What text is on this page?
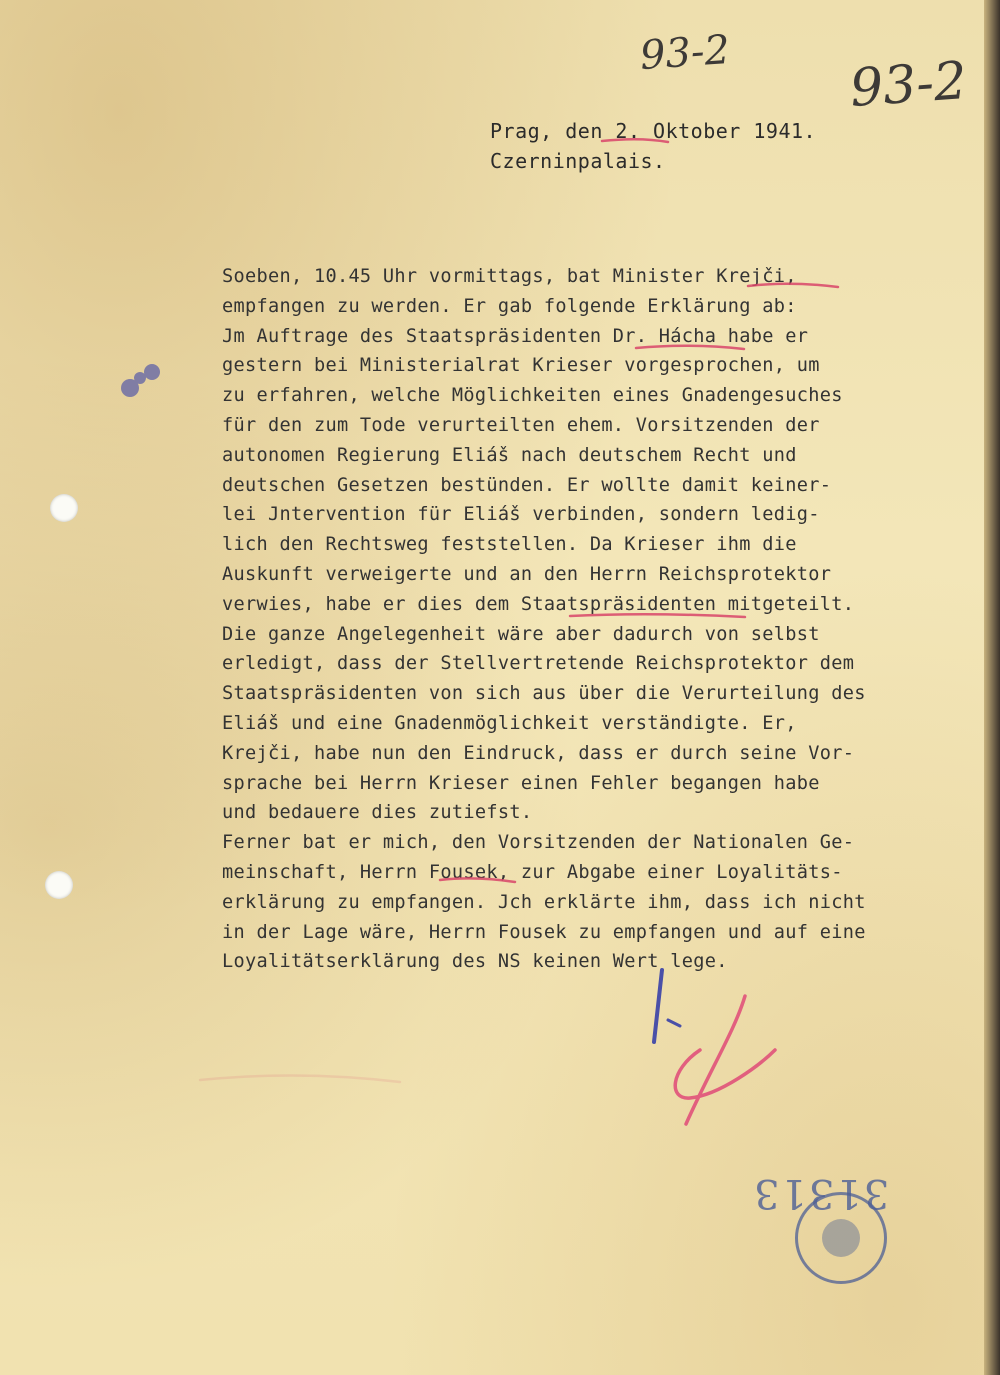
93-2 93-2
Prag, den 2. Oktober 1941.
Czerninpalais.
Soeben, 10.45 Uhr vormittags, bat Minister Krejči,
empfangen zu werden. Er gab folgende Erklärung ab:
Jm Auftrage des Staatspräsidenten Dr. Hácha habe er
gestern bei Ministerialrat Krieser vorgesprochen, um
zu erfahren, welche Möglichkeiten eines Gnadengesuches
für den zum Tode verurteilten ehem. Vorsitzenden der
autonomen Regierung Eliáš nach deutschem Recht und
deutschen Gesetzen bestünden. Er wollte damit keiner-
lei Jntervention für Eliáš verbinden, sondern ledig-
lich den Rechtsweg feststellen. Da Krieser ihm die
Auskunft verweigerte und an den Herrn Reichsprotektor
verwies, habe er dies dem Staatspräsidenten mitgeteilt.
Die ganze Angelegenheit wäre aber dadurch von selbst
erledigt, dass der Stellvertretende Reichsprotektor dem
Staatspräsidenten von sich aus über die Verurteilung des
Eliáš und eine Gnadenmöglichkeit verständigte. Er,
Krejči, habe nun den Eindruck, dass er durch seine Vor-
sprache bei Herrn Krieser einen Fehler begangen habe
und bedauere dies zutiefst.
Ferner bat er mich, den Vorsitzenden der Nationalen Ge-
meinschaft, Herrn Fousek, zur Abgabe einer Loyalitäts-
erklärung zu empfangen. Jch erklärte ihm, dass ich nicht
in der Lage wäre, Herrn Fousek zu empfangen und auf eine
Loyalitätserklärung des NS keinen Wert lege.
31313
